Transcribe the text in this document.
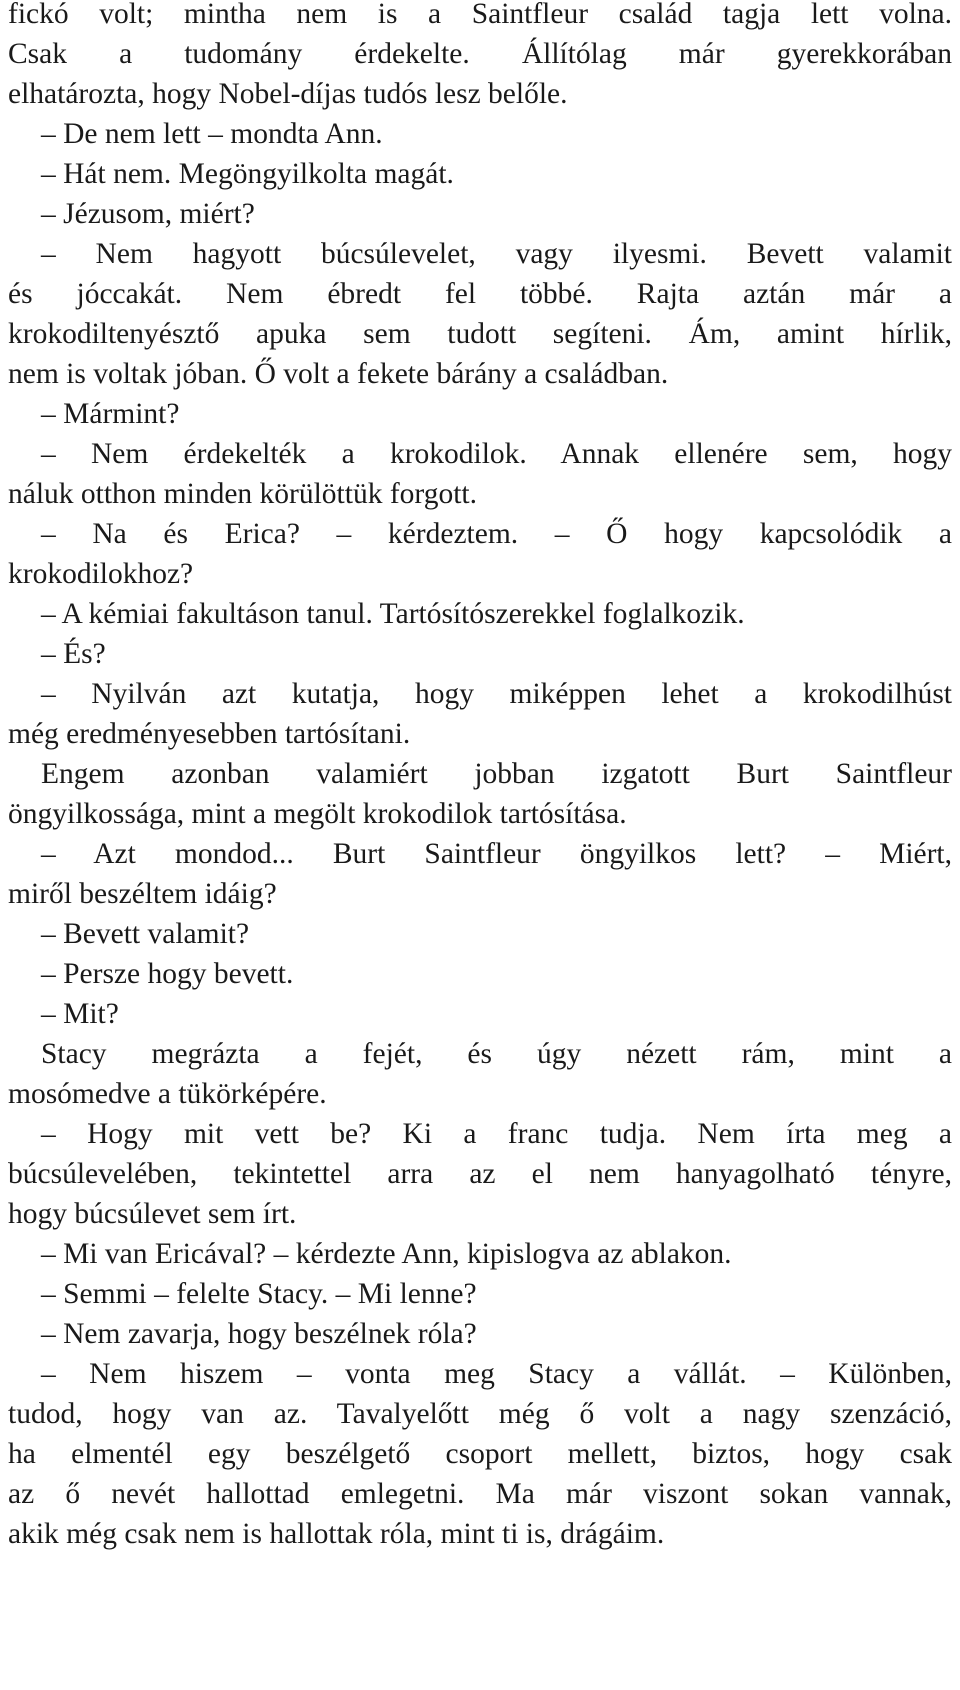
fickó volt; mintha nem is a Saintfleur család tagja lett volna.
Csak a tudomány érdekelte. Állítólag már gyerekkorában
elhatározta, hogy Nobel-díjas tudós lesz belőle.
– De nem lett – mondta Ann.
– Hát nem. Megöngyilkolta magát.
– Jézusom, miért?
– Nem hagyott búcsúlevelet, vagy ilyesmi. Bevett valamit
és jóccakát. Nem ébredt fel többé. Rajta aztán már a
krokodiltenyésztő apuka sem tudott segíteni. Ám, amint hírlik,
nem is voltak jóban. Ő volt a fekete bárány a családban.
– Mármint?
– Nem érdekelték a krokodilok. Annak ellenére sem, hogy
náluk otthon minden körülöttük forgott.
– Na és Erica? – kérdeztem. – Ő hogy kapcsolódik a
krokodilokhoz?
– A kémiai fakultáson tanul. Tartósítószerekkel foglalkozik.
– És?
– Nyilván azt kutatja, hogy miképpen lehet a krokodilhúst
még eredményesebben tartósítani.
Engem azonban valamiért jobban izgatott Burt Saintfleur
öngyilkossága, mint a megölt krokodilok tartósítása.
– Azt mondod... Burt Saintfleur öngyilkos lett? – Miért,
miről beszéltem idáig?
– Bevett valamit?
– Persze hogy bevett.
– Mit?
Stacy megrázta a fejét, és úgy nézett rám, mint a
mosómedve a tükörképére.
– Hogy mit vett be? Ki a franc tudja. Nem írta meg a
búcsúlevelében, tekintettel arra az el nem hanyagolható tényre,
hogy búcsúlevet sem írt.
– Mi van Ericával? – kérdezte Ann, kipislogva az ablakon.
– Semmi – felelte Stacy. – Mi lenne?
– Nem zavarja, hogy beszélnek róla?
– Nem hiszem – vonta meg Stacy a vállát. – Különben,
tudod, hogy van az. Tavalyelőtt még ő volt a nagy szenzáció,
ha elmentél egy beszélgető csoport mellett, biztos, hogy csak
az ő nevét hallottad emlegetni. Ma már viszont sokan vannak,
akik még csak nem is hallottak róla, mint ti is, drágáim.
